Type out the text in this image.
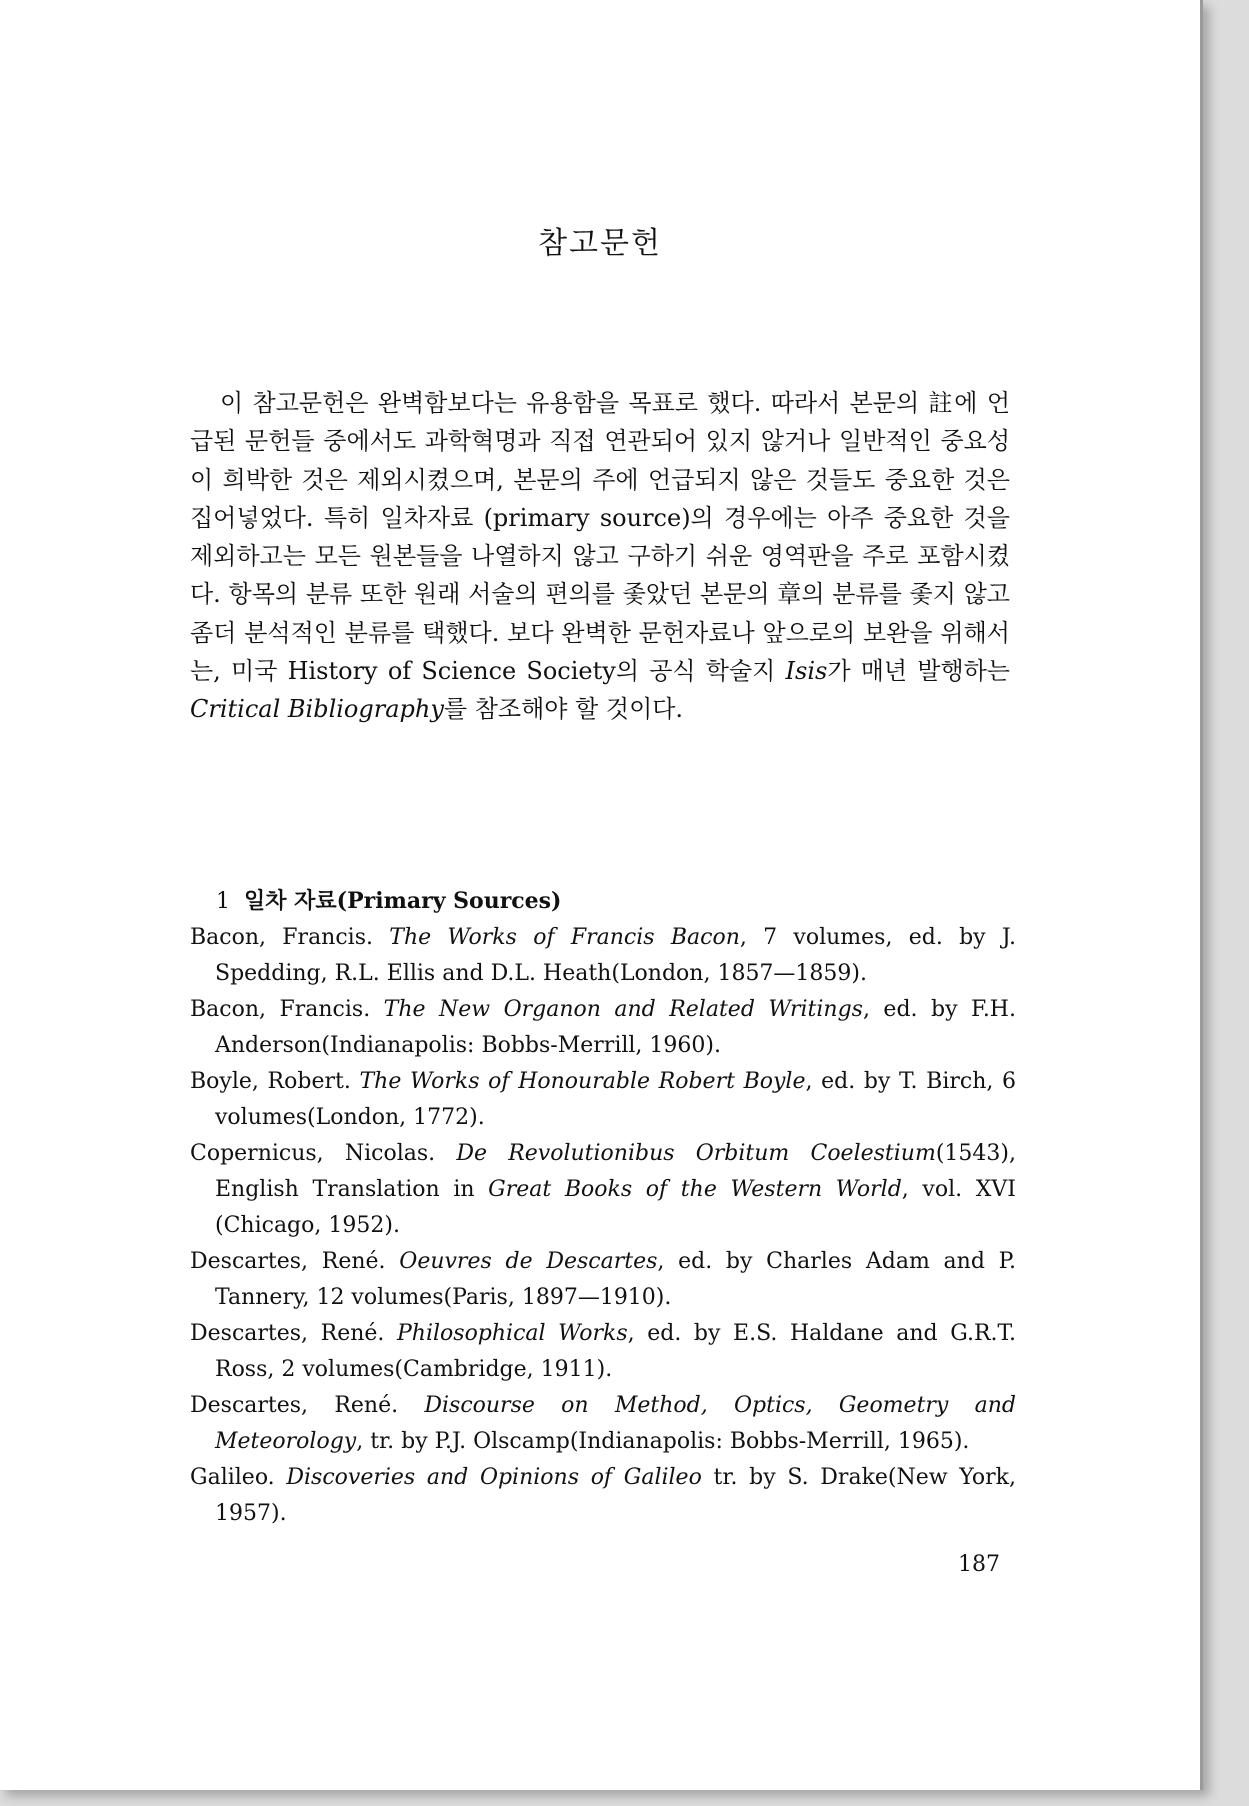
참고문헌

이 참고문헌은 완벽함보다는 유용함을 목표로 했다. 따라서 본문의 註에 언급된 문헌들 중에서도 과학혁명과 직접 연관되어 있지 않거나 일반적인 중요성이 희박한 것은 제외시켰으며, 본문의 주에 언급되지 않은 것들도 중요한 것은 집어넣었다. 특히 일차자료 (primary source)의 경우에는 아주 중요한 것을 제외하고는 모든 원본들을 나열하지 않고 구하기 쉬운 영역판을 주로 포함시켰다. 항목의 분류 또한 원래 서술의 편의를 좇았던 본문의 章의 분류를 좇지 않고 좀더 분석적인 분류를 택했다. 보다 완벽한 문헌자료나 앞으로의 보완을 위해서는, 미국 History of Science Society의 공식 학술지 Isis가 매년 발행하는 Critical Bibliography를 참조해야 할 것이다.

1 일차 자료(Primary Sources)
Bacon, Francis. The Works of Francis Bacon, 7 volumes, ed. by J. Spedding, R.L. Ellis and D.L. Heath(London, 1857—1859).
Bacon, Francis. The New Organon and Related Writings, ed. by F.H. Anderson(Indianapolis: Bobbs-Merrill, 1960).
Boyle, Robert. The Works of Honourable Robert Boyle, ed. by T. Birch, 6 volumes(London, 1772).
Copernicus, Nicolas. De Revolutionibus Orbitum Coelestium(1543), English Translation in Great Books of the Western World, vol. XVI (Chicago, 1952).
Descartes, René. Oeuvres de Descartes, ed. by Charles Adam and P. Tannery, 12 volumes(Paris, 1897—1910).
Descartes, René. Philosophical Works, ed. by E.S. Haldane and G.R.T. Ross, 2 volumes(Cambridge, 1911).
Descartes, René. Discourse on Method, Optics, Geometry and Meteorology, tr. by P.J. Olscamp(Indianapolis: Bobbs-Merrill, 1965).
Galileo. Discoveries and Opinions of Galileo tr. by S. Drake(New York, 1957).
187
